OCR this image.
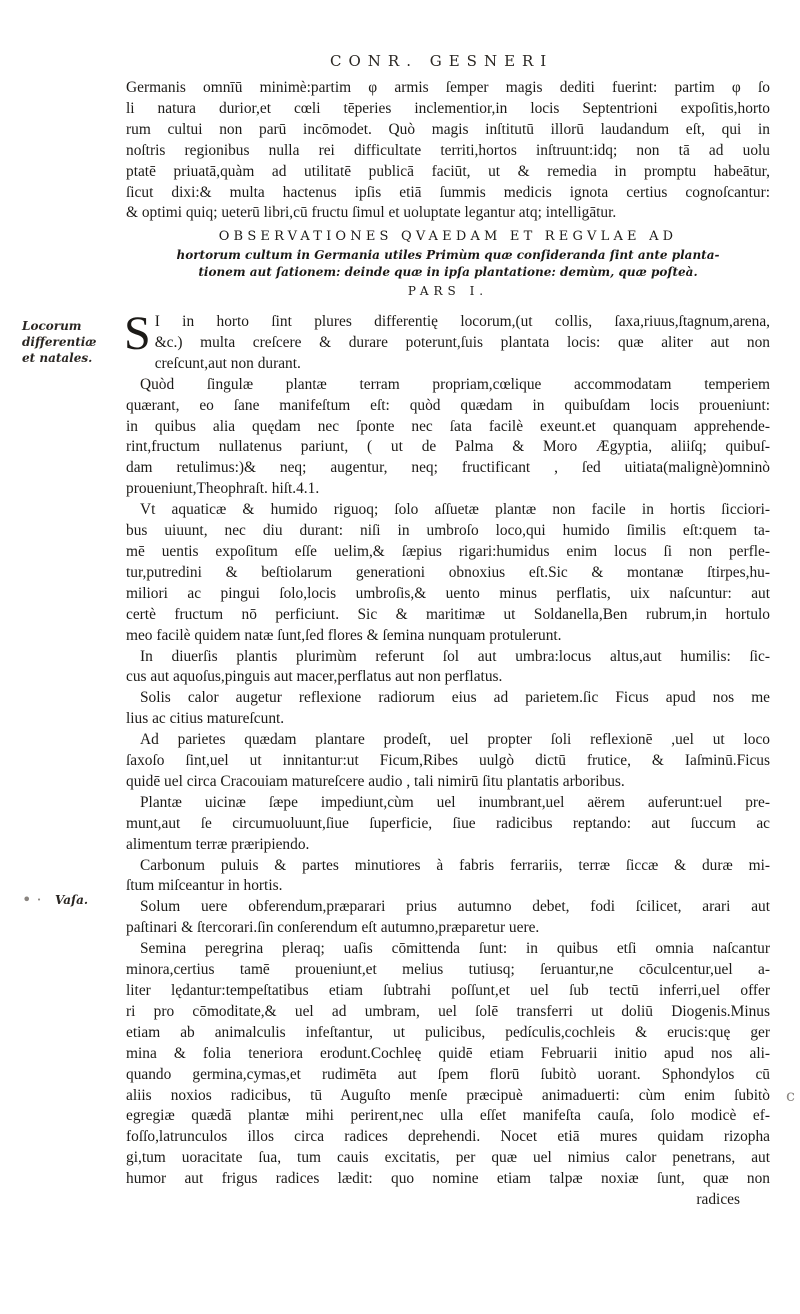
CONR. GESNERI
Germanis omnīū minimè:partim φ armis ſemper magis dediti fuerint: partim φ ſo
li natura durior,et cœli tēperies inclementior,in locis Septentrioni expoſitis,horto
rum cultui non parū incōmodet. Quò magis inſtitutū illorū laudandum eſt, qui in
noſtris regionibus nulla rei difficultate territi,hortos inſtruunt:idq; non tā ad uolu
ptatē priuatā,quàm ad utilitatē publicā faciūt, ut & remedia in promptu habeātur,
ſicut dixi:& multa hactenus ipſis etiā ſummis medicis ignota certius cognoſcantur:
& optimi quiq; ueterū libri,cū fructu ſimul et uoluptate legantur atq; intelligātur.
OBSERVATIONES QVAEDAM ET REGVLAE AD
hortorum cultum in Germania utiles Primùm quæ conſideranda ſint ante planta-
tionem aut ſationem: deinde quæ in ipſa plantatione: demùm, quæ poſteà.
PARS I.
S I in horto ſint plures differentię locorum,(ut collis, ſaxa,riuus,ſtagnum,arena,
&c.) multa creſcere & durare poterunt,ſuis plantata locis: quæ aliter aut non
creſcunt,aut non durant.
Quòd ſingulæ plantæ terram propriam,cœlique accommodatam temperiem
quærant, eo ſane manifeſtum eſt: quòd quædam in quibuſdam locis proueniunt:
in quibus alia quędam nec ſponte nec ſata facilè exeunt.et quanquam apprehende-
rint,fructum nullatenus pariunt, ( ut de Palma & Moro Ægyptia, aliiſq; quibuſ-
dam retulimus:)& neq; augentur, neq; fructificant , ſed uitiata(malignè)omninò
proueniunt,Theophraſt. hiſt.4.1.
Vt aquaticæ & humido riguoq; ſolo aſſuetæ plantæ non facile in hortis ſicciori-
bus uiuunt, nec diu durant: niſi in umbroſo loco,qui humido ſimilis eſt:quem ta-
mē uentis expoſitum eſſe uelim,& ſæpius rigari:humidus enim locus ſi non perfle-
tur,putredini & beſtiolarum generationi obnoxius eſt.Sic & montanæ ſtirpes,hu-
miliori ac pingui ſolo,locis umbroſis,& uento minus perflatis, uix naſcuntur: aut
certè fructum nō perficiunt. Sic & maritimæ ut Soldanella,Ben rubrum,in hortulo
meo facilè quidem natæ ſunt,ſed flores & ſemina nunquam protulerunt.
In diuerſis plantis plurimùm referunt ſol aut umbra:locus altus,aut humilis: ſic-
cus aut aquoſus,pinguis aut macer,perflatus aut non perflatus.
Solis calor augetur reflexione radiorum eius ad parietem.ſic Ficus apud nos me
lius ac citius matureſcunt.
Ad parietes quædam plantare prodeſt, uel propter ſoli reflexionē ,uel ut loco
ſaxoſo ſint,uel ut innitantur:ut Ficum,Ribes uulgò dictū frutice, & Iaſminū.Ficus
quidē uel circa Cracouiam matureſcere audio , tali nimirū ſitu plantatis arboribus.
Plantæ uicinæ ſæpe impediunt,cùm uel inumbrant,uel aërem auferunt:uel pre-
munt,aut ſe circumuoluunt,ſiue ſuperficie, ſiue radicibus reptando: aut ſuccum ac
alimentum terræ præripiendo.
Carbonum puluis & partes minutiores à fabris ferrariis, terræ ſiccæ & duræ mi-
ſtum miſceantur in hortis.
Solum uere obferendum,præparari prius autumno debet, fodi ſcilicet, arari aut
paſtinari & ſtercorari.ſin conſerendum eſt autumno,præparetur uere.
Semina peregrina pleraq; uaſis cōmittenda ſunt: in quibus etſi omnia naſcantur
minora,certius tamē proueniunt,et melius tutiusq; ſeruantur,ne cōculcentur,uel a-
liter lędantur:tempeſtatibus etiam ſubtrahi poſſunt,et uel ſub tectū inferri,uel offer
ri pro cōmoditate,& uel ad umbram, uel ſolē transferri ut doliū Diogenis.Minus
etiam ab animalculis infeſtantur, ut pulicibus, pedículis,cochleis & erucis:quę ger
mina & folia teneriora erodunt.Cochleę quidē etiam Februarii initio apud nos ali-
quando germina,cymas,et rudimēta aut ſpem florū ſubitò uorant. Sphondylos cū
aliis noxios radicibus, tū Auguſto menſe præcipuè animaduerti: cùm enim ſubitò
egregiæ quædā plantæ mihi perirent,nec ulla eſſet manifeſta cauſa, ſolo modicè ef-
foſſo,latrunculos illos circa radices deprehendi. Nocet etiā mures quidam rizopha
gi,tum uoracitate ſua, tum cauis excitatis, per quæ uel nimius calor penetrans, aut
humor aut frigus radices lædit: quo nomine etiam talpæ noxiæ ſunt, quæ non
radices
Locorum
differentiæ
et natales.
Vaſa.
• ·
c
